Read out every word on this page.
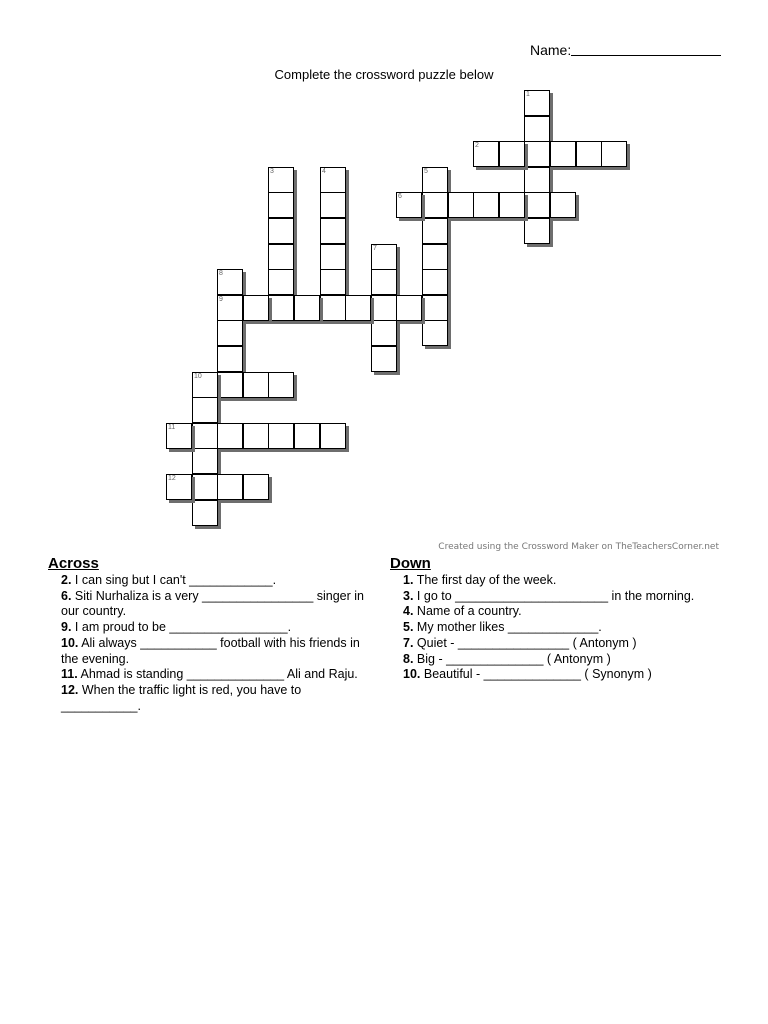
Name:
Complete the crossword puzzle below
1
2
3	4	5
6
7
8
9
10
11
12
Created using the Crossword Maker on TheTeachersCorner.net
Across
2. I can sing but I can't ____________.
6. Siti Nurhaliza is a very ________________ singer in our country.
9. I am proud to be _________________.
10. Ali always ___________ football with his friends in the evening.
11. Ahmad is standing ______________ Ali and Raju.
12. When the traffic light is red, you have to ___________.
Down
1. The first day of the week.
3. I go to ______________________ in the morning.
4. Name of a country.
5. My mother likes _____________.
7. Quiet - ________________ ( Antonym )
8. Big - ______________ ( Antonym )
10. Beautiful - ______________ ( Synonym )
